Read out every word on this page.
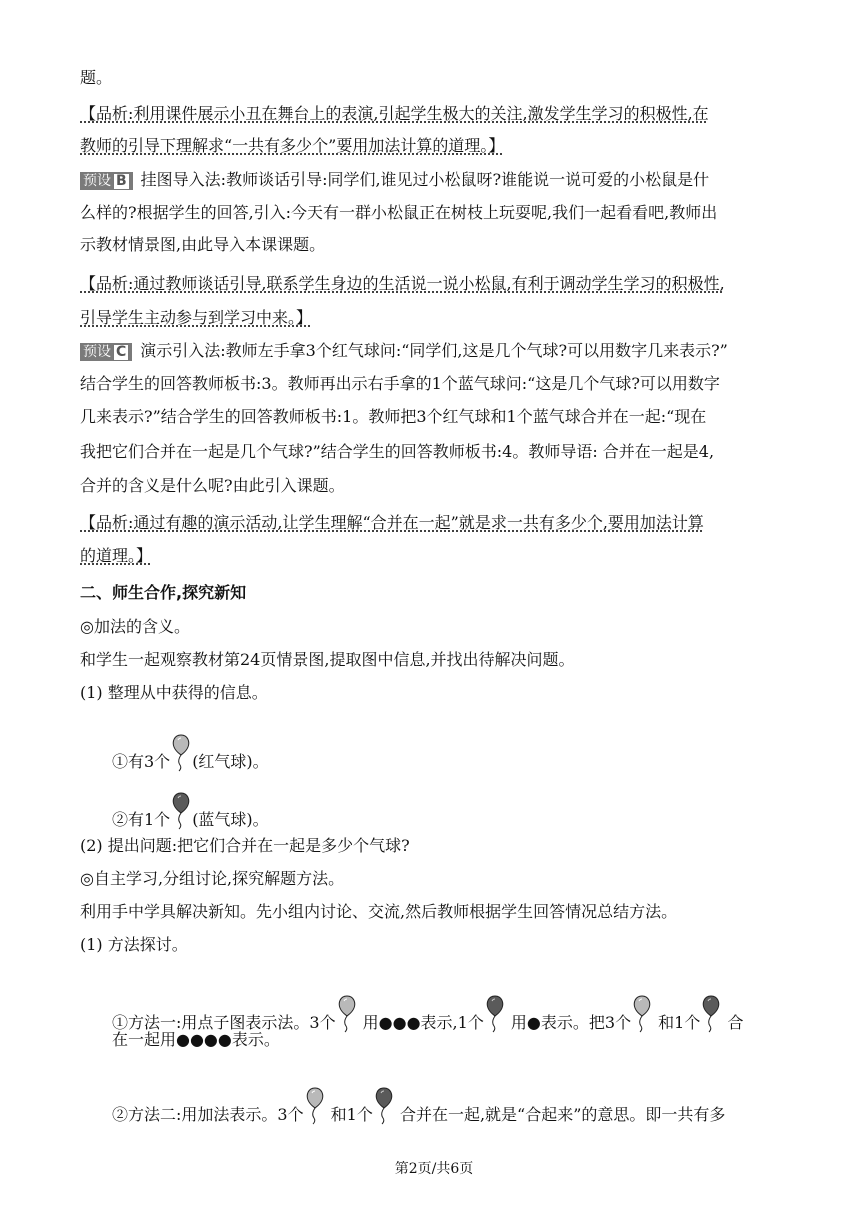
题。
【品析:利用课件展示小丑在舞台上的表演,引起学生极大的关注,激发学生学习的积极性,在
教师的引导下理解求“一共有多少个”要用加法计算的道理。】
预设 B 挂图导入法:教师谈话引导:同学们,谁见过小松鼠呀?谁能说一说可爱的小松鼠是什
么样的?根据学生的回答,引入:今天有一群小松鼠正在树枝上玩耍呢,我们一起看看吧,教师出
示教材情景图,由此导入本课课题。
【品析:通过教师谈话引导,联系学生身边的生活说一说小松鼠,有利于调动学生学习的积极性,
引导学生主动参与到学习中来。】
预设 C 演示引入法:教师左手拿3个红气球问:“同学们,这是几个气球?可以用数字几来表示?”
结合学生的回答教师板书:3。教师再出示右手拿的1个蓝气球问:“这是几个气球?可以用数字
几来表示?”结合学生的回答教师板书:1。教师把3个红气球和1个蓝气球合并在一起:“现在
我把它们合并在一起是几个气球?”结合学生的回答教师板书:4。教师导语: 合并在一起是4,
合并的含义是什么呢?由此引入课题。
【品析:通过有趣的演示活动,让学生理解“合并在一起”就是求一共有多少个,要用加法计算
的道理。】
二、师生合作,探究新知
◎加法的含义。
和学生一起观察教材第24页情景图,提取图中信息,并找出待解决问题。
(1) 整理从中获得的信息。
①有3个 (红气球)。
②有1个 (蓝气球)。
(2) 提出问题:把它们合并在一起是多少个气球?
◎自主学习,分组讨论,探究解题方法。
利用手中学具解决新知。先小组内讨论、交流,然后教师根据学生回答情况总结方法。
(1) 方法探讨。
①方法一:用点子图表示法。3个 用●●●表示,1个 用●表示。把3个 和1个 合
在一起用●●●●表示。
②方法二:用加法表示。3个 和1个 合并在一起,就是“合起来”的意思。即一共有多
第2页/共6页
